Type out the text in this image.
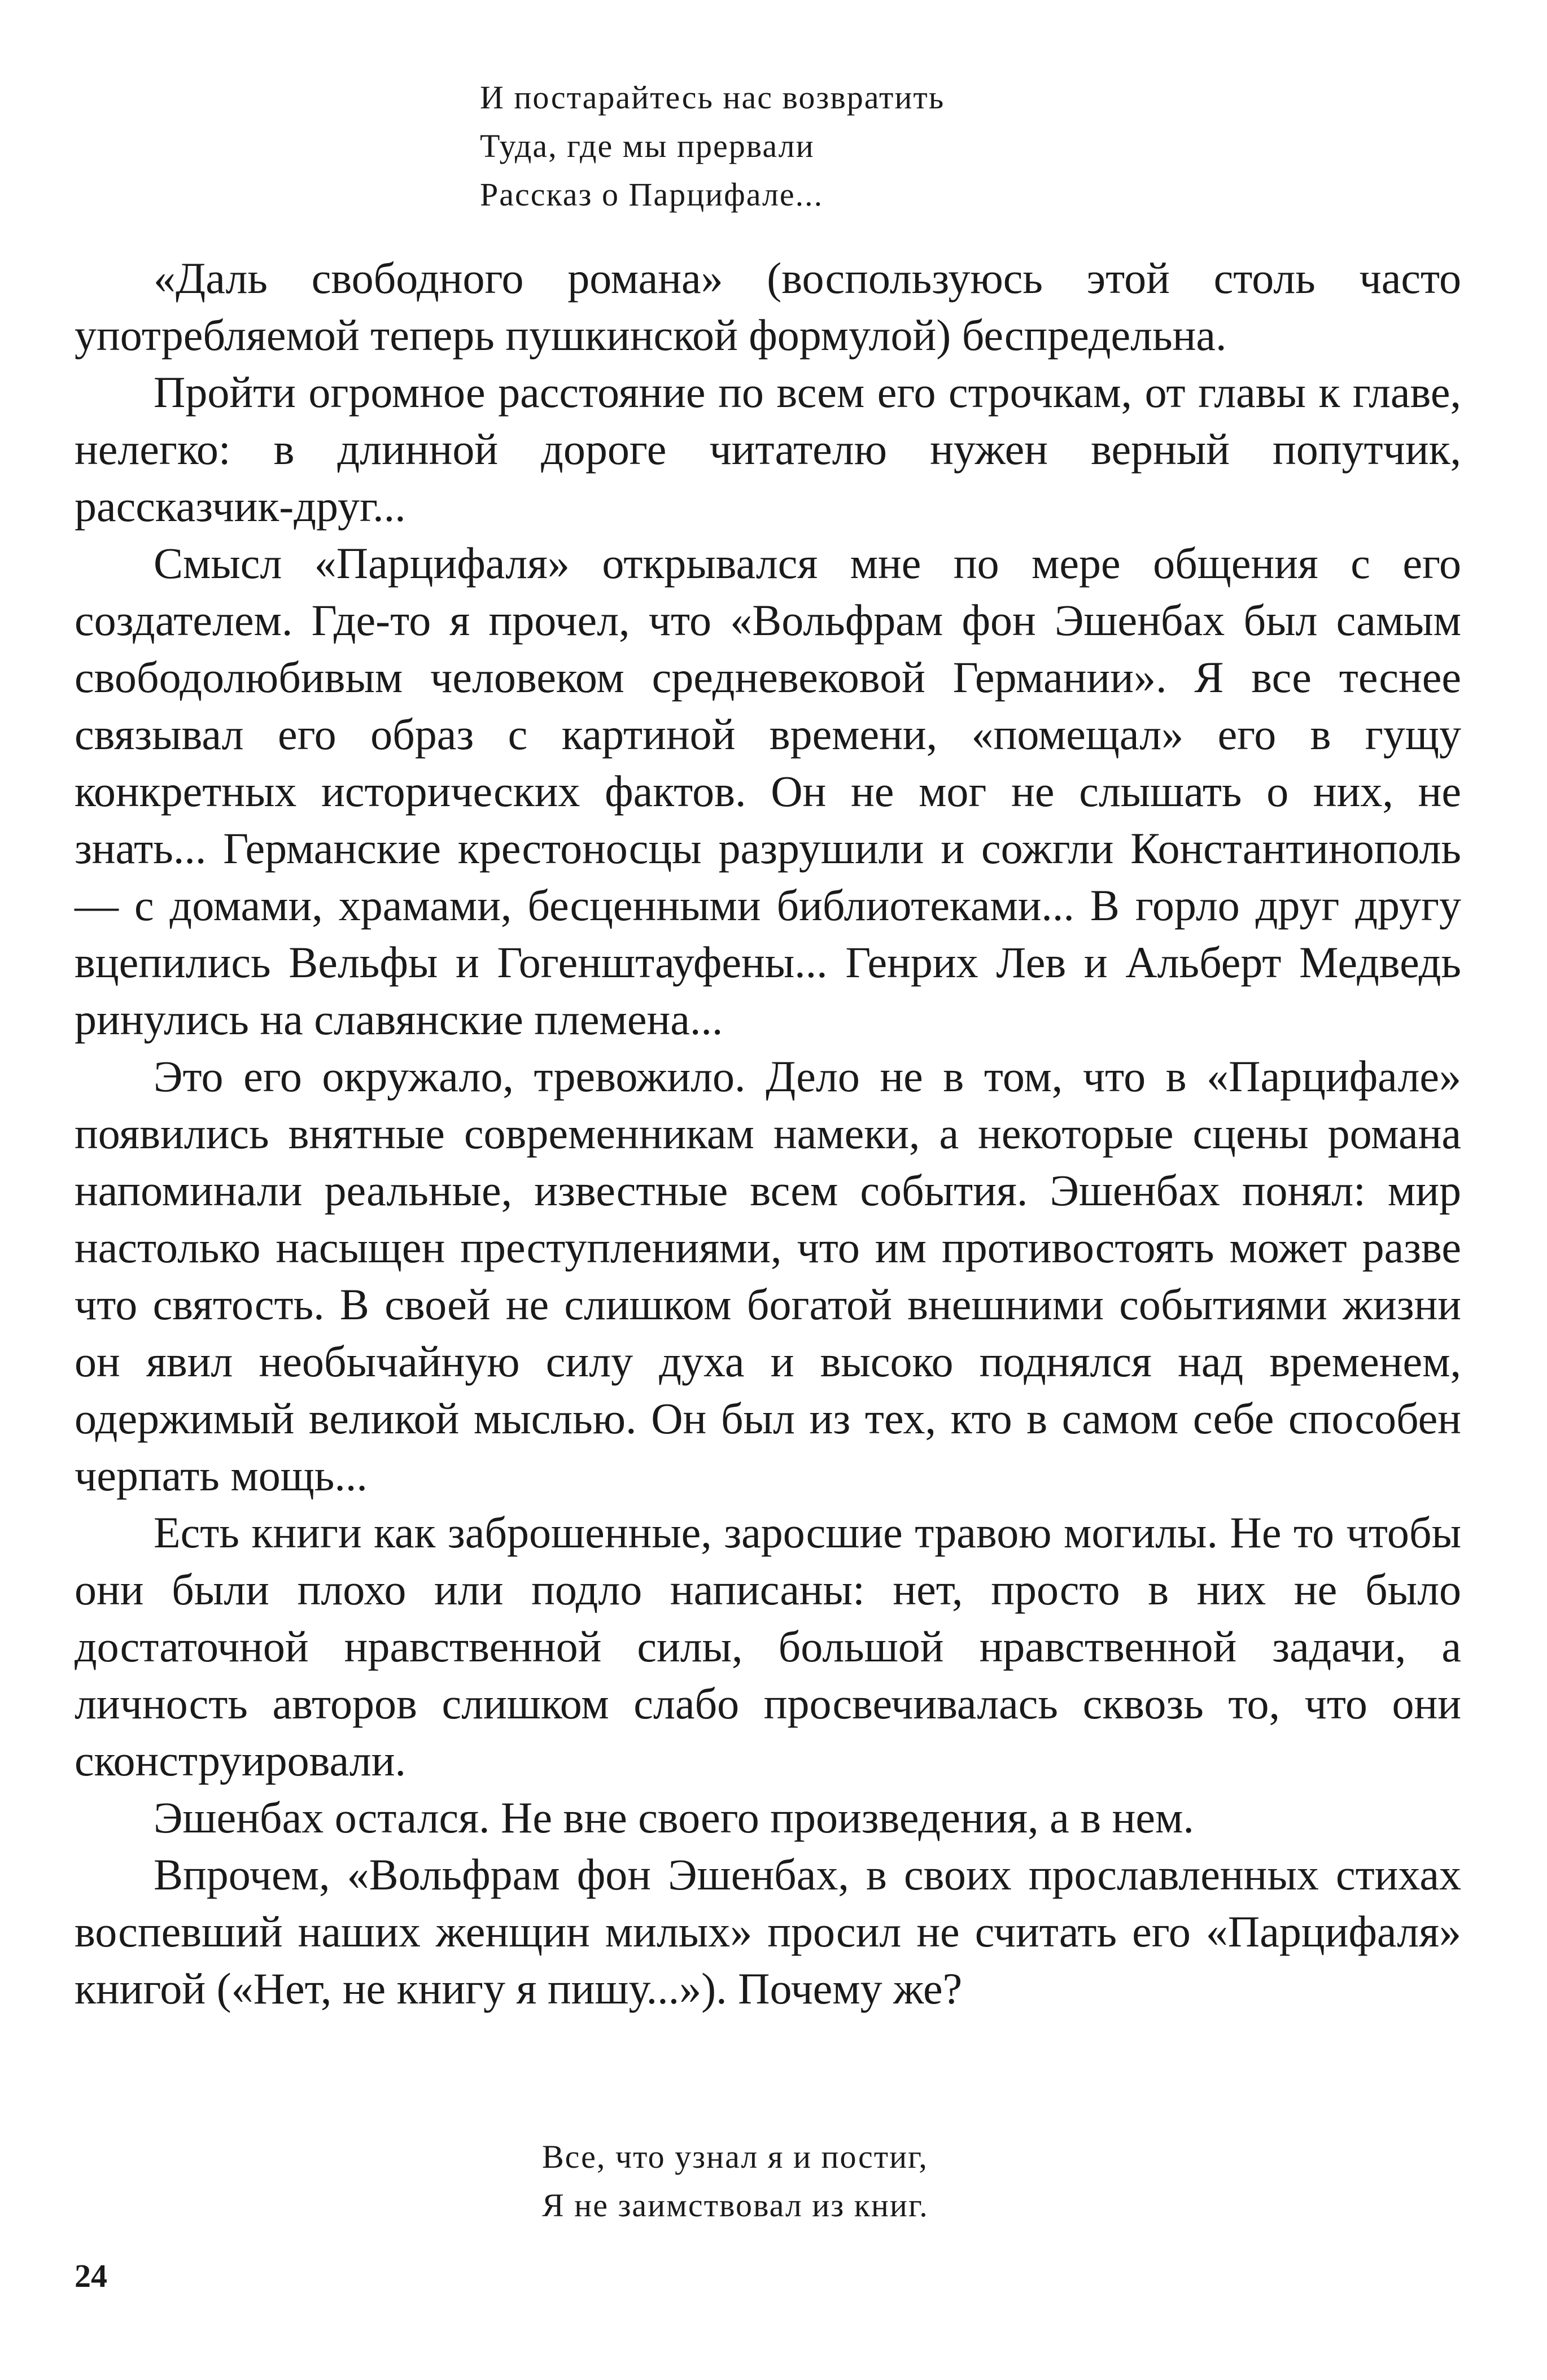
И постарайтесь нас возвратить
Туда, где мы прервали
Рассказ о Парцифале...

«Даль свободного романа» (воспользуюсь этой столь часто употребляемой теперь пушкинской формулой) беспредельна.

Пройти огромное расстояние по всем его строчкам, от главы к главе, нелегко: в длинной дороге читателю нужен верный попутчик, рассказчик-друг...

Смысл «Парцифаля» открывался мне по мере общения с его создателем. Где-то я прочел, что «Вольфрам фон Эшенбах был самым свободолюбивым человеком средневековой Германии». Я все теснее связывал его образ с картиной времени, «помещал» его в гущу конкретных исторических фактов. Он не мог не слышать о них, не знать... Германские крестоносцы разрушили и сожгли Константинополь — с домами, храмами, бесценными библиотеками... В горло друг другу вцепились Вельфы и Гогенштауфены... Генрих Лев и Альберт Медведь ринулись на славянские племена...

Это его окружало, тревожило. Дело не в том, что в «Парцифале» появились внятные современникам намеки, а некоторые сцены романа напоминали реальные, известные всем события. Эшенбах понял: мир настолько насыщен преступлениями, что им противостоять может разве что святость. В своей не слишком богатой внешними событиями жизни он явил необычайную силу духа и высоко поднялся над временем, одержимый великой мыслью. Он был из тех, кто в самом себе способен черпать мощь...

Есть книги как заброшенные, заросшие травою могилы. Не то чтобы они были плохо или подло написаны: нет, просто в них не было достаточной нравственной силы, большой нравственной задачи, а личность авторов слишком слабо просвечивалась сквозь то, что они сконструировали.

Эшенбах остался. Не вне своего произведения, а в нем.

Впрочем, «Вольфрам фон Эшенбах, в своих прославленных стихах воспевший наших женщин милых» просил не считать его «Парцифаля» книгой («Нет, не книгу я пишу...»). Почему же?

Все, что узнал я и постиг,
Я не заимствовал из книг.
24
